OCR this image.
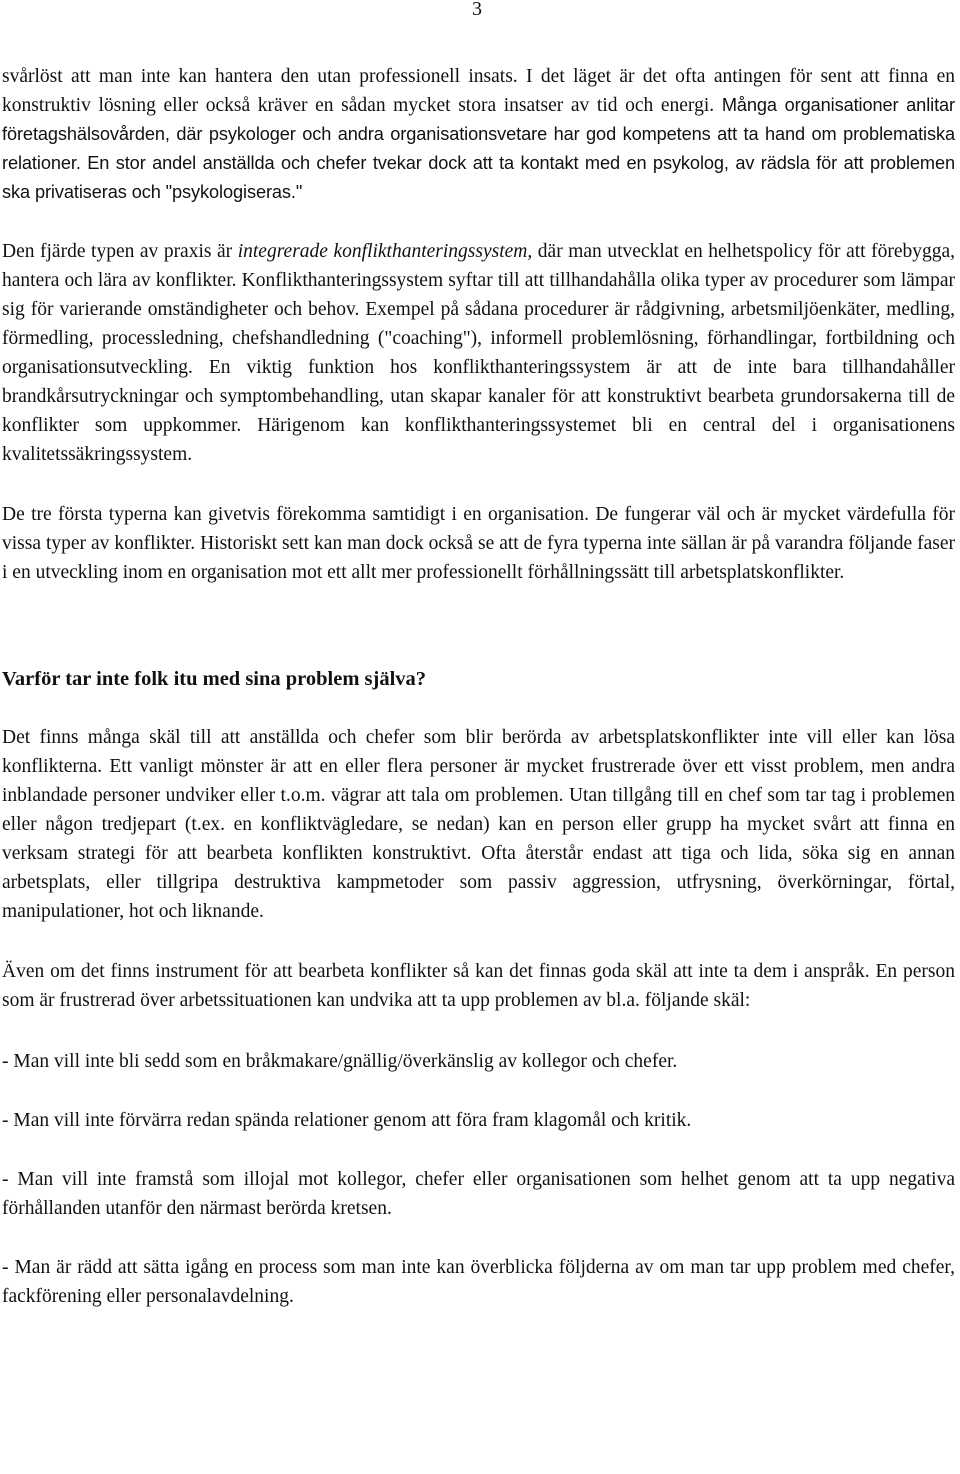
3

svårlöst att man inte kan hantera den utan professionell insats. I det läget är det ofta antingen för sent att finna en konstruktiv lösning eller också kräver en sådan mycket stora insatser av tid och energi. Många organisationer anlitar företagshälsovården, där psykologer och andra organisationsvetare har god kompetens att ta hand om problematiska relationer. En stor andel anställda och chefer tvekar dock att ta kontakt med en psykolog, av rädsla för att problemen ska privatiseras och "psykologiseras."

Den fjärde typen av praxis är integrerade konflikthanteringssystem, där man utvecklat en helhetspolicy för att förebygga, hantera och lära av konflikter. Konflikthanteringssystem syftar till att tillhandahålla olika typer av procedurer som lämpar sig för varierande omständigheter och behov. Exempel på sådana procedurer är rådgivning, arbetsmiljöenkäter, medling, förmedling, processledning, chefshandledning ("coaching"), informell problemlösning, förhandlingar, fortbildning och organisationsutveckling. En viktig funktion hos konflikthanteringssystem är att de inte bara tillhandahåller brandkårsutryckningar och symptombehandling, utan skapar kanaler för att konstruktivt bearbeta grundorsakerna till de konflikter som uppkommer. Härigenom kan konflikthanteringssystemet bli en central del i organisationens kvalitetssäkringssystem.

De tre första typerna kan givetvis förekomma samtidigt i en organisation. De fungerar väl och är mycket värdefulla för vissa typer av konflikter. Historiskt sett kan man dock också se att de fyra typerna inte sällan är på varandra följande faser i en utveckling inom en organisation mot ett allt mer professionellt förhållningssätt till arbetsplatskonflikter.

Varför tar inte folk itu med sina problem själva?

Det finns många skäl till att anställda och chefer som blir berörda av arbetsplatskonflikter inte vill eller kan lösa konflikterna. Ett vanligt mönster är att en eller flera personer är mycket frustrerade över ett visst problem, men andra inblandade personer undviker eller t.o.m. vägrar att tala om problemen. Utan tillgång till en chef som tar tag i problemen eller någon tredjepart (t.ex. en konfliktvägledare, se nedan) kan en person eller grupp ha mycket svårt att finna en verksam strategi för att bearbeta konflikten konstruktivt. Ofta återstår endast att tiga och lida, söka sig en annan arbetsplats, eller tillgripa destruktiva kampmetoder som passiv aggression, utfrysning, överkörningar, förtal, manipulationer, hot och liknande.

Även om det finns instrument för att bearbeta konflikter så kan det finnas goda skäl att inte ta dem i anspråk. En person som är frustrerad över arbetssituationen kan undvika att ta upp problemen av bl.a. följande skäl:

- Man vill inte bli sedd som en bråkmakare/gnällig/överkänslig av kollegor och chefer.

- Man vill inte förvärra redan spända relationer genom att föra fram klagomål och kritik.

- Man vill inte framstå som illojal mot kollegor, chefer eller organisationen som helhet genom att ta upp negativa förhållanden utanför den närmast berörda kretsen.

- Man är rädd att sätta igång en process som man inte kan överblicka följderna av om man tar upp problem med chefer, fackförening eller personalavdelning.
